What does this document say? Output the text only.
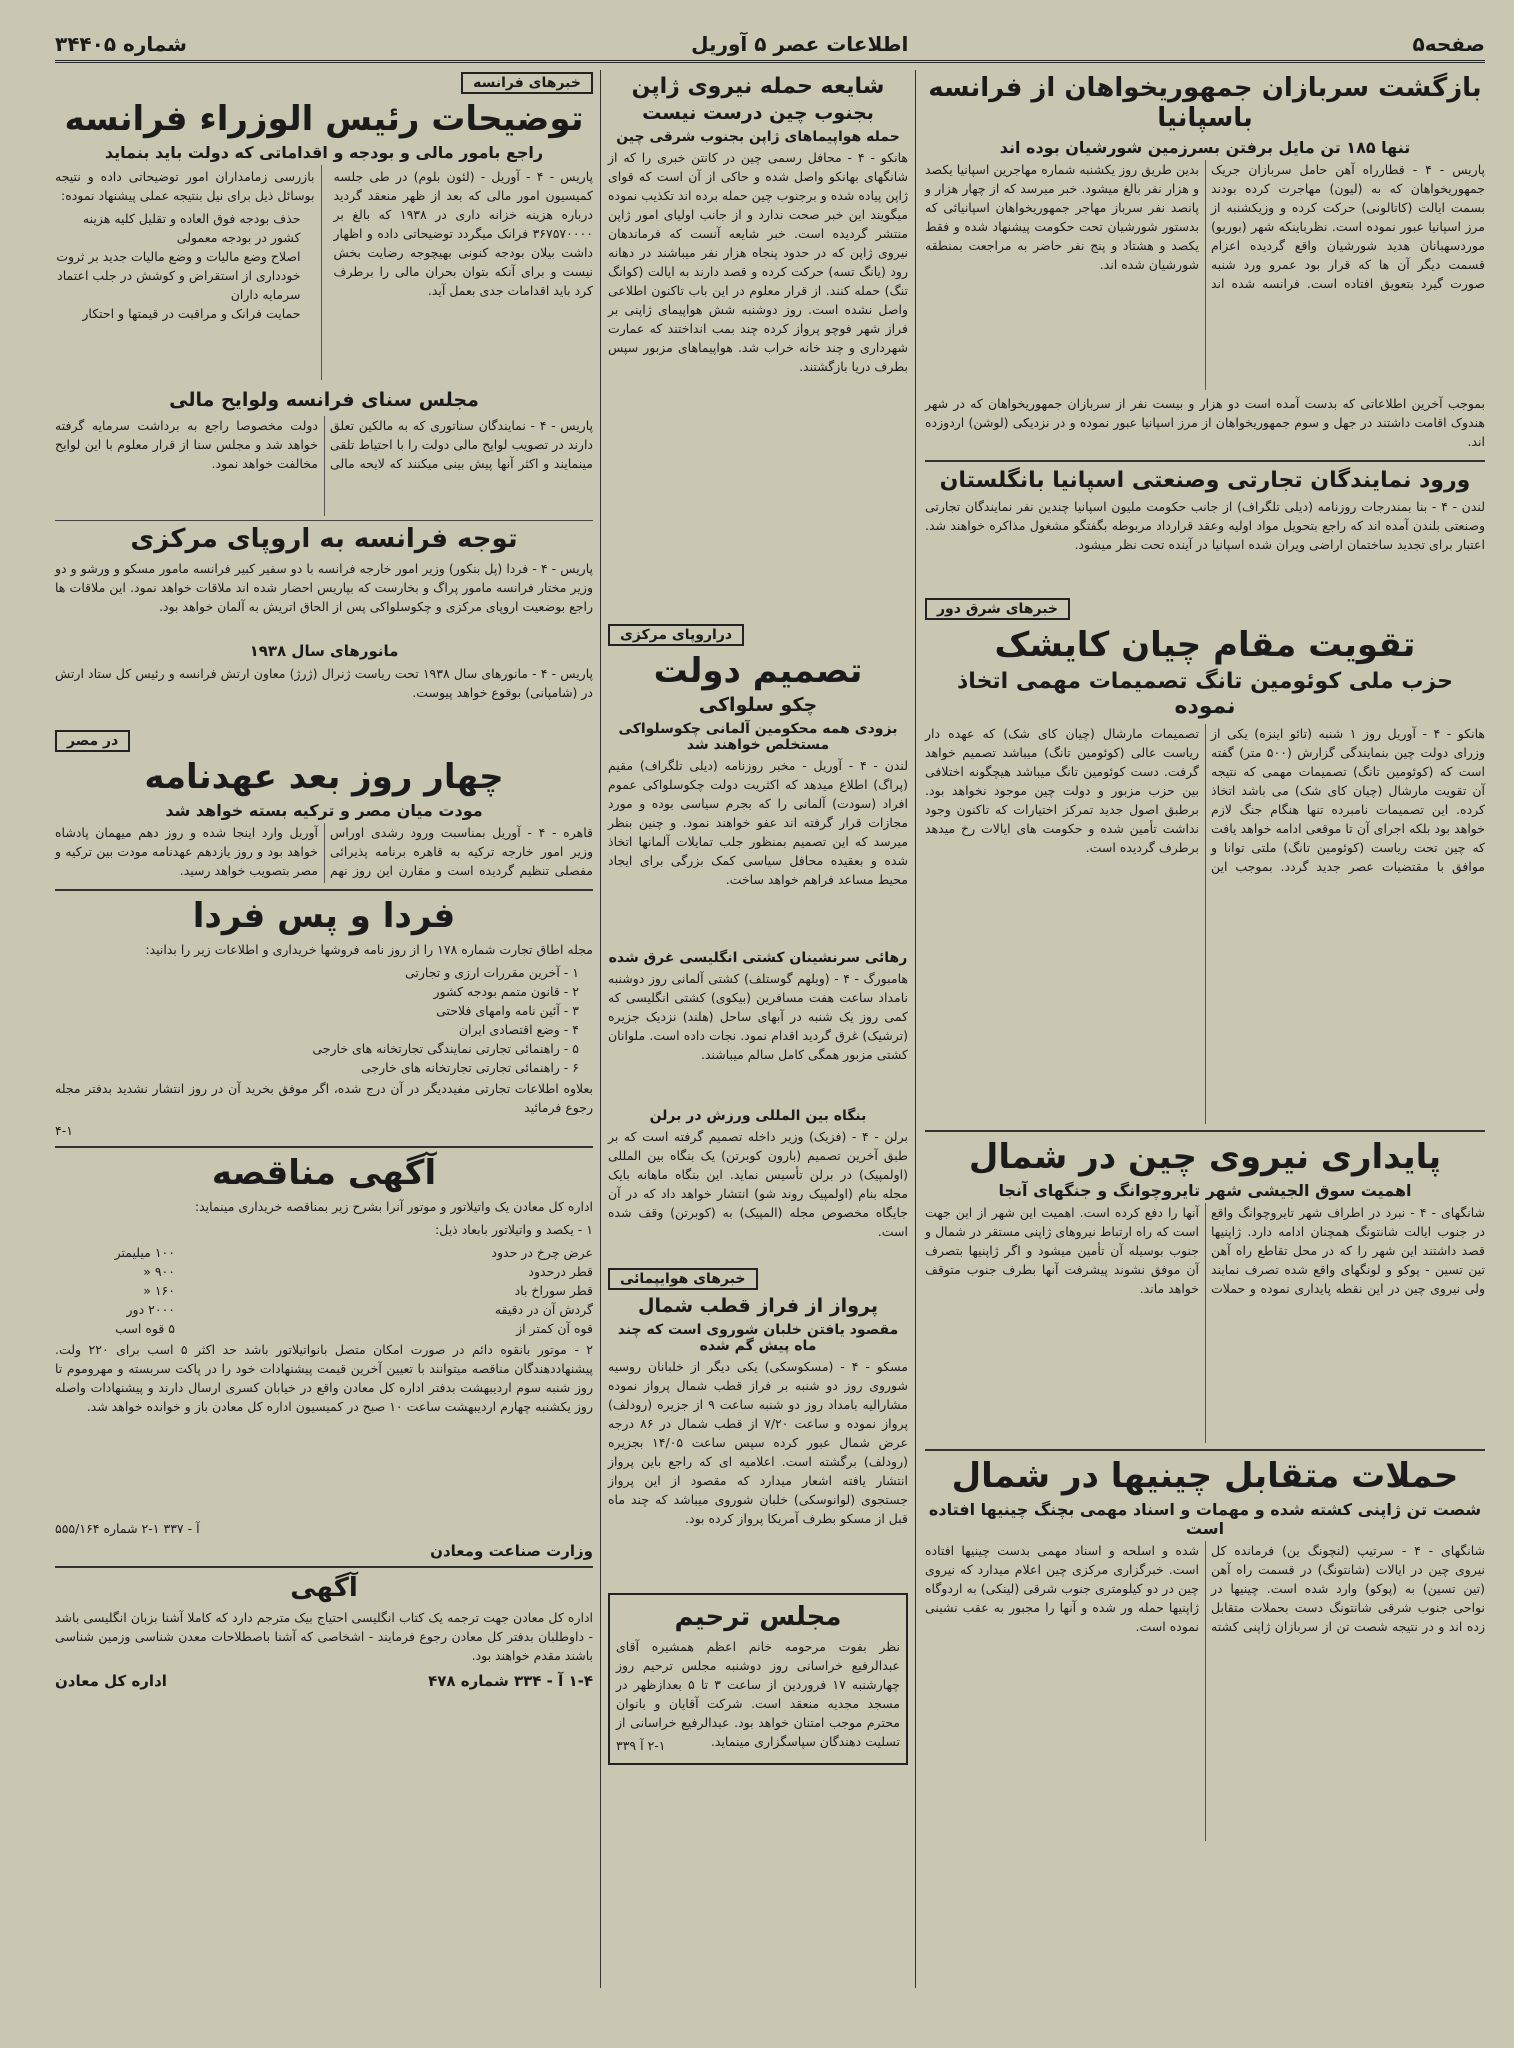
صفحه۵
اطلاعات عصر ۵ آوریل
شماره ۳۴۴۰۵
بازگشت سربازان جمهوریخواهان از فرانسه باسپانیا
تنها ۱۸۵ تن مایل برفتن بسرزمین شورشیان بوده اند
پاریس - ۴ - قطارراه آهن حامل سربازان جریک جمهوریخواهان که به (لیون) مهاجرت کرده بودند بسمت ایالت (کاتالونی) حرکت کرده و وزیکشنبه از مرز اسپانیا عبور نموده است. نظرباینکه شهر (بوربو) موردسهبانان هدید شورشیان واقع گردیده اعزام قسمت دیگر آن ها که قرار بود عمرو ورد شنبه صورت گیرد بتعویق افتاده است. فرانسه شده اند بدین طریق روز یکشنبه شماره مهاجرین اسپانیا یکصد و هزار نفر بالغ میشود. خبر میرسد که از چهار هزار و پانصد نفر سرباز مهاجر جمهوریخواهان اسپانیائی که بدستور شورشیان تحت حکومت پیشنهاد شده و فقط یکصد و هشتاد و پنج نفر حاضر به مراجعت بمنطقه شورشیان شده اند.
بموجب آخرین اطلاعاتی که بدست آمده است دو هزار و بیست نفر از سربازان جمهوریخواهان که در شهر هندوک اقامت داشتند در جهل و سوم جمهوریخواهان از مرز اسپانیا عبور نموده و در نزدیکی (لوشن) اردوزده اند.
ورود نمایندگان تجارتی وصنعتی اسپانیا بانگلستان
لندن - ۴ - بنا بمندرجات روزنامه (دیلی تلگراف) از جانب حکومت ملیون اسپانیا چندین نفر نمایندگان تجارتی وصنعتی بلندن آمده اند که راجع بتحویل مواد اولیه وعقد قرارداد مربوطه بگفتگو مشغول مذاکره خواهند شد. اعتبار برای تجدید ساختمان اراضی ویران شده اسپانیا در آینده تحت نظر میشود.
خبرهای شرق دور
تقویت مقام چیان کایشک
حزب ملی کوئومین تانگ تصمیمات مهمی اتخاذ نموده
هانکو - ۴ - آوریل روز ۱ شنبه (تائو اینزه) یکی از وزرای دولت چین بنمایندگی گزارش (۵۰۰ متر) گفته است که (کوئومین تانگ) تصمیمات مهمی که نتیجه آن تقویت مارشال (چیان کای شک) می باشد اتخاذ کرده. این تصمیمات نامبرده تنها هنگام جنگ لازم خواهد بود بلکه اجرای آن تا موقعی ادامه خواهد یافت که چین تحت ریاست (کوئومین تانگ) ملتی توانا و موافق با مقتضیات عصر جدید گردد. بموجب این تصمیمات مارشال (چیان کای شک) که عهده دار ریاست عالی (کوئومین تانگ) میباشد تصمیم خواهد گرفت. دست کوئومین تانگ میباشد هیچگونه اختلافی بین حزب مزبور و دولت چین موجود نخواهد بود. برطبق اصول جدید تمرکز اختیارات که تاکنون وجود نداشت تأمین شده و حکومت های ایالات رخ میدهد برطرف گردیده است.
پایداری نیروی چین در شمال
اهمیت سوق الجیشی شهر تایروچوانگ و جنگهای آنجا
شانگهای - ۴ - نبرد در اطراف شهر تایروچوانگ واقع در جنوب ایالت شانتونگ همچنان ادامه دارد. ژاپنیها قصد داشتند این شهر را که در محل تقاطع راه آهن تین تسین - پوکو و لونگهای واقع شده تصرف نمایند ولی نیروی چین در این نقطه پایداری نموده و حملات آنها را دفع کرده است. اهمیت این شهر از این جهت است که راه ارتباط نیروهای ژاپنی مستقر در شمال و جنوب بوسیله آن تأمین میشود و اگر ژاپنیها بتصرف آن موفق نشوند پیشرفت آنها بطرف جنوب متوقف خواهد ماند.
حملات متقابل چینیها در شمال
شصت تن ژاپنی کشته شده و مهمات و اسناد مهمی بچنگ چینیها افتاده است
شانگهای - ۴ - سرتیپ (لنچونگ ین) فرمانده کل نیروی چین در ایالات (شانتونگ) در قسمت راه آهن (تین تسین) به (پوکو) وارد شده است. چینیها در نواحی جنوب شرقی شانتونگ دست بحملات متقابل زده اند و در نتیجه شصت تن از سربازان ژاپنی کشته شده و اسلحه و اسناد مهمی بدست چینیها افتاده است. خبرگزاری مرکزی چین اعلام میدارد که نیروی چین در دو کیلومتری جنوب شرقی (لینکی) به اردوگاه ژاپنیها حمله ور شده و آنها را مجبور به عقب نشینی نموده است.
شایعه حمله نیروی ژاپن
بجنوب چین درست نیست
حمله هواپیماهای ژاپن بجنوب شرقی چین
هانکو - ۴ - محافل رسمی چین در کانتن خبری را که از شانگهای بهانکو واصل شده و حاکی از آن است که قوای ژاپن پیاده شده و برجنوب چین حمله برده اند تکذیب نموده میگویند این خبر صحت ندارد و از جانب اولیای امور ژاپن منتشر گردیده است. خبر شایعه آنست که فرماندهان نیروی ژاپن که در حدود پنجاه هزار نفر میباشند در دهانه رود (یانگ تسه) حرکت کرده و قصد دارند به ایالت (کوانگ تنگ) حمله کنند. از قرار معلوم در این باب تاکنون اطلاعی واصل نشده است. روز دوشنبه شش هواپیمای ژاپنی بر فراز شهر فوچو پرواز کرده چند بمب انداختند که عمارت شهرداری و چند خانه خراب شد. هواپیماهای مزبور سپس بطرف دریا بازگشتند.
دراروپای مرکزی
تصمیم دولت
چکو سلواکی
بزودی همه محکومین آلمانی چکوسلواکی مستخلص خواهند شد
لندن - ۴ - آوریل - مخبر روزنامه (دیلی تلگراف) مقیم (پراگ) اطلاع میدهد که اکثریت دولت چکوسلواکی عموم افراد (سودت) آلمانی را که بجرم سیاسی بوده و مورد مجازات قرار گرفته اند عفو خواهند نمود. و چنین بنظر میرسد که این تصمیم بمنظور جلب تمایلات آلمانها اتخاذ شده و بعقیده محافل سیاسی کمک بزرگی برای ایجاد محیط مساعد فراهم خواهد ساخت.
رهائی سرنشینان کشتی انگلیسی غرق شده
هامبورگ - ۴ - (ویلهم گوستلف) کشتی آلمانی روز دوشنبه نامداد ساعت هفت مسافرین (بیکوی) کشتی انگلیسی که کمی روز یک شنبه در آبهای ساحل (هلند) نزدیک جزیره (ترشیک) غرق گردید اقدام نمود. نجات داده است. ملوانان کشتی مزبور همگی کامل سالم میباشند.
بنگاه بین المللی ورزش در برلن
برلن - ۴ - (فزیک) وزیر داخله تصمیم گرفته است که بر طبق آخرین تصمیم (بارون کوبرتن) یک بنگاه بین المللی (اولمپیک) در برلن تأسیس نماید. این بنگاه ماهانه بایک مجله بنام (اولمپیک روند شو) انتشار خواهد داد که در آن جایگاه مخصوص مجله (المپیک) به (کوبرتن) وقف شده است.
خبرهای هوایپمائی
پرواز از فراز قطب شمال
مقصود یافتن خلبان شوروی است که چند ماه پیش گم شده
مسکو - ۴ - (مسکوسکی) یکی دیگر از خلبانان روسیه شوروی روز دو شنبه بر فراز قطب شمال پرواز نموده مشارالیه بامداد روز دو شنبه ساعت ۹ از جزیره (رودلف) پرواز نموده و ساعت ۷/۲۰ از قطب شمال در ۸۶ درجه عرض شمال عبور کرده سپس ساعت ۱۴/۰۵ بجزیره (رودلف) برگشته است. اعلامیه ای که راجع باین پرواز انتشار یافته اشعار میدارد که مقصود از این پرواز جستجوی (لوانوسکی) خلبان شوروی میباشد که چند ماه قبل از مسکو بطرف آمریکا پرواز کرده بود.
مجلس ترحیم
نظر بفوت مرحومه خانم اعظم همشیره آقای عبدالرفیع خراسانی روز دوشنبه مجلس ترحیم روز چهارشنبه ۱۷ فروردین از ساعت ۳ تا ۵ بعدازظهر در مسجد مجدیه منعقد است. شرکت آقایان و بانوان محترم موجب امتنان خواهد بود. عبدالرفیع خراسانی از تسلیت دهندگان سپاسگزاری مینماید.
۲-۱ آ ۳۳۹
خبرهای فرانسه
توضیحات رئیس الوزراء فرانسه
راجع بامور مالی و بودجه و اقداماتی که دولت باید بنماید
پاریس - ۴ - آوریل - (لئون بلوم) در طی جلسه کمیسیون امور مالی که بعد از ظهر منعقد گردید درباره هزینه خزانه داری در ۱۹۳۸ که بالغ بر ۳۶۷۵۷۰۰۰۰ فرانک میگردد توضیحاتی داده و اظهار داشت بیلان بودجه کنونی بهیچوجه رضایت بخش نیست و برای آنکه بتوان بحران مالی را برطرف کرد باید اقدامات جدی بعمل آید.
بازرسی زمامداران امور توضیحاتی داده و نتیجه بوسائل ذیل برای نیل بنتیجه عملی پیشنهاد نموده:
حذف بودجه فوق العاده و تقلیل کلیه هزینه کشور در بودجه معمولی
اصلاح وضع مالیات و وضع مالیات جدید بر ثروت
خودداری از استقراض و کوشش در جلب اعتماد سرمایه داران
حمایت فرانک و مراقبت در قیمتها و احتکار
مجلس سنای فرانسه ولوایح مالی
پاریس - ۴ - نمایندگان سناتوری که به مالکین تعلق دارند در تصویب لوایح مالی دولت را با احتیاط تلقی مینمایند و اکثر آنها پیش بینی میکنند که لایحه مالی دولت مخصوصا راجع به برداشت سرمایه گرفته خواهد شد و مجلس سنا از قرار معلوم با این لوایح مخالفت خواهد نمود.
توجه فرانسه به اروپای مرکزی
پاریس - ۴ - فردا (پل بنکور) وزیر امور خارجه فرانسه با دو سفیر کبیر فرانسه مامور مسکو و ورشو و دو وزیر مختار فرانسه مامور پراگ و بخارست که بپاریس احضار شده اند ملاقات خواهد نمود. این ملاقات ها راجع بوضعیت اروپای مرکزی و چکوسلواکی پس از الحاق اتریش به آلمان خواهد بود.
مانورهای سال ۱۹۳۸
پاریس - ۴ - مانورهای سال ۱۹۳۸ تحت ریاست ژنرال (ژرژ) معاون ارتش فرانسه و رئیس کل ستاد ارتش در (شامپانی) بوقوع خواهد پیوست.
در مصر
چهار روز بعد عهدنامه
مودت میان مصر و ترکیه بسته خواهد شد
قاهره - ۴ - آوریل بمناسبت ورود رشدی اوراس وزیر امور خارجه ترکیه به قاهره برنامه پذیرائی مفصلی تنظیم گردیده است و مقارن این روز نهم آوریل وارد اینجا شده و روز دهم میهمان پادشاه خواهد بود و روز یازدهم عهدنامه مودت بین ترکیه و مصر بتصویب خواهد رسید.
فردا و پس فردا
مجله اطاق تجارت شماره ۱۷۸ را از روز نامه فروشها خریداری و اطلاعات زیر را بدانید:
۱ - آخرین مقررات ارزی و تجارتی
۲ - قانون متمم بودجه کشور
۳ - آئین نامه وامهای فلاحتی
۴ - وضع اقتصادی ایران
۵ - راهنمائی تجارتی نمایندگی تجارتخانه های خارجی
۶ - راهنمائی تجارتی تجارتخانه های خارجی
بعلاوه اطلاعات تجارتی مفیددیگر در آن درج شده، اگر موفق بخرید آن در روز انتشار نشدید بدفتر مجله رجوع فرمائید
۴-۱
آگهی مناقصه
اداره کل معادن یک واتیلاتور و موتور آنرا بشرح زیر بمناقصه خریداری مینماید:
۱ - یکصد و واتیلاتور بابعاد ذیل:
عرض چرخ در حدود
۱۰۰ میلیمتر
قطر درحدود
۹۰۰ «
قطر سوراخ باد
۱۶۰ «
گردش آن در دقیقه
۲۰۰۰ دور
قوه آن کمتر از
۵ قوه اسب
۲ - موتور بانقوه دائم در صورت امکان متصل بانواتیلاتور باشد حد اکثر ۵ اسب برای ۲۲۰ ولت. پیشنهاددهندگان مناقصه میتوانند با تعیین آخرین قیمت پیشنهادات خود را در پاکت سربسته و مهروموم تا روز شنبه سوم اردیبهشت بدفتر اداره کل معادن واقع در خیابان کسری ارسال دارند و پیشنهادات واصله روز یکشنبه چهارم اردیبهشت ساعت ۱۰ صبح در کمیسیون اداره کل معادن باز و خوانده خواهد شد.
آ - ۳۳۷ ۱-۲ شماره ۵۵۵/۱۶۴
وزارت صناعت ومعادن
آگهی
اداره کل معادن جهت ترجمه یک کتاب انگلیسی احتیاج بیک مترجم دارد که کاملا آشنا بزبان انگلیسی باشد - داوطلبان بدفتر کل معادن رجوع فرمایند - اشخاصی که آشنا باصطلاحات معدن شناسی وزمین شناسی باشند مقدم خواهند بود.
۱-۴ آ - ۳۳۴ شماره ۴۷۸
اداره کل معادن
